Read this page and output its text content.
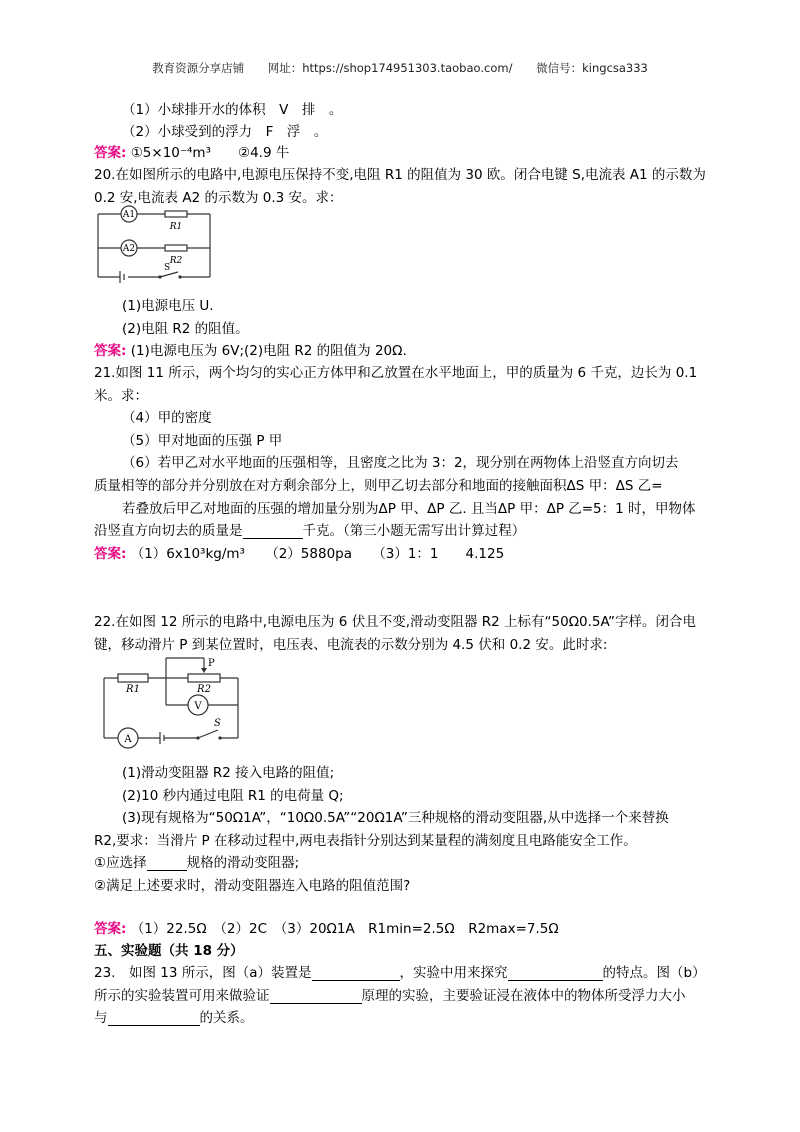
教育资源分享店铺 网址：https://shop174951303.taobao.com/ 微信号：kingcsa333
（1）小球排开水的体积　V　排　。
（2）小球受到的浮力　F　浮　。
答案: ①5×10⁻⁴m³　　②4.9 牛
20.在如图所示的电路中,电源电压保持不变,电阻 R1 的阻值为 30 欧。闭合电键 S,电流表 A1 的示数为
0.2 安,电流表 A2 的示数为 0.3 安。求：
A1
A2
R1
R2
S
(1)电源电压 U.
(2)电阻 R2 的阻值。
答案: (1)电源电压为 6V;(2)电阻 R2 的阻值为 20Ω.
21.如图 11 所示，两个均匀的实心正方体甲和乙放置在水平地面上，甲的质量为 6 千克，边长为 0.1
米。求：
（4）甲的密度
（5）甲对地面的压强 P 甲
（6）若甲乙对水平地面的压强相等，且密度之比为 3：2，现分别在两物体上沿竖直方向切去
质量相等的部分并分别放在对方剩余部分上，则甲乙切去部分和地面的接触面积ΔS 甲：ΔS 乙=
若叠放后甲乙对地面的压强的增加量分别为ΔP 甲、ΔP 乙. 且当ΔP 甲：ΔP 乙=5：1 时，甲物体
沿竖直方向切去的质量是	千克。（第三小题无需写出计算过程）
答案: （1）6x10³kg/m³　　（2）5880pa　　（3）1：1　　4.125
22.在如图 12 所示的电路中,电源电压为 6 伏且不变,滑动变阻器 R2 上标有“50Ω0.5A”字样。闭合电
键，移动滑片 P 到某位置时，电压表、电流表的示数分别为 4.5 伏和 0.2 安。此时求:
P
R1	R2
V
A
S
(1)滑动变阻器 R2 接入电路的阻值;
(2)10 秒内通过电阻 R1 的电荷量 Q;
(3)现有规格为“50Ω1A”，“10Ω0.5A”“20Ω1A”三种规格的滑动变阻器,从中选择一个来替换
R2,要求：当滑片 P 在移动过程中,两电表指针分别达到某量程的满刻度且电路能安全工作。
①应选择	规格的滑动变阻器;
②满足上述要求时，滑动变阻器连入电路的阻值范围?
答案: （1）22.5Ω　（2）2C　（3）20Ω1A　R1min=2.5Ω　R2max=7.5Ω
五、实验题（共 18 分）
23.　如图 13 所示，图（a）装置是	，实验中用来探究	的特点。图（b）
所示的实验装置可用来做验证	原理的实验，主要验证浸在液体中的物体所受浮力大小
与	的关系。
